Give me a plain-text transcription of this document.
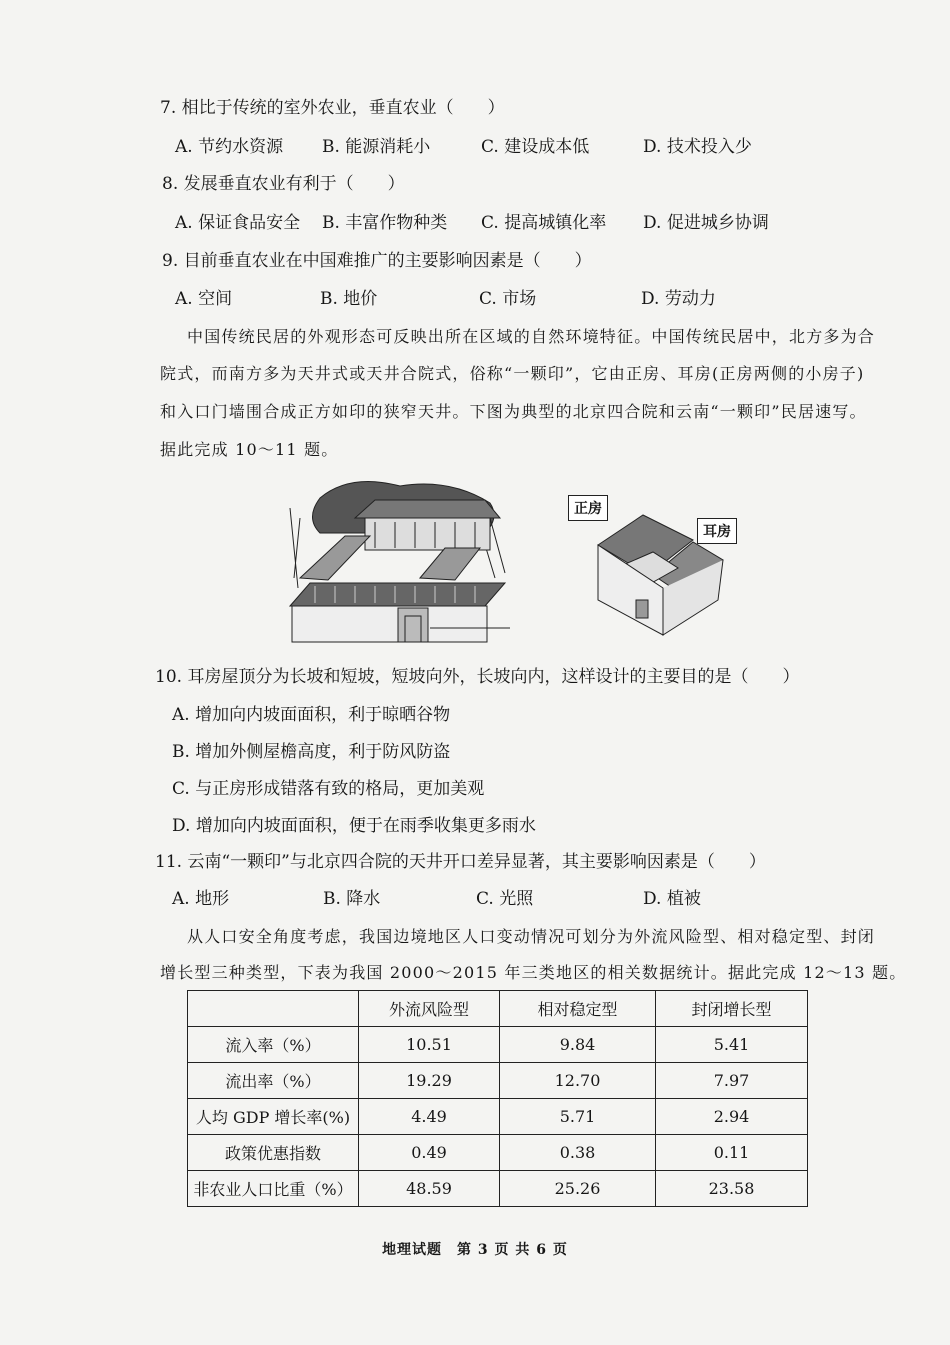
7. 相比于传统的室外农业，垂直农业（　　）
A. 节约水资源 B. 能源消耗小	C. 建设成本低	D. 技术投入少
8. 发展垂直农业有利于（　　）
A. 保证食品安全 B. 丰富作物种类 C. 提高城镇化率 D. 促进城乡协调
9. 目前垂直农业在中国难推广的主要影响因素是（　　）
A. 空间	B. 地价	C. 市场	D. 劳动力
中国传统民居的外观形态可反映出所在区域的自然环境特征。中国传统民居中，北方多为合
院式，而南方多为天井式或天井合院式，俗称“一颗印”，它由正房、耳房(正房两侧的小房子)
和入口门墙围合成正方如印的狭窄天井。下图为典型的北京四合院和云南“一颗印”民居速写。
据此完成 10～11 题。
正房
耳房
10. 耳房屋顶分为长坡和短坡，短坡向外，长坡向内，这样设计的主要目的是（　　）
A. 增加向内坡面面积，利于晾晒谷物
B. 增加外侧屋檐高度，利于防风防盗
C. 与正房形成错落有致的格局，更加美观
D. 增加向内坡面面积，便于在雨季收集更多雨水
11. 云南“一颗印”与北京四合院的天井开口差异显著，其主要影响因素是（　　）
A. 地形	B. 降水	C. 光照	D. 植被
从人口安全角度考虑，我国边境地区人口变动情况可划分为外流风险型、相对稳定型、封闭
增长型三种类型，下表为我国 2000～2015 年三类地区的相关数据统计。据此完成 12～13 题。
	外流风险型	相对稳定型	封闭增长型
流入率（%）	10.51	9.84	5.41
流出率（%）	19.29	12.70	7.97
人均 GDP 增长率(%)	4.49	5.71	2.94
政策优惠指数	0.49	0.38	0.11
非农业人口比重（%）	48.59	25.26	23.58
地理试题　第 3 页 共 6 页
